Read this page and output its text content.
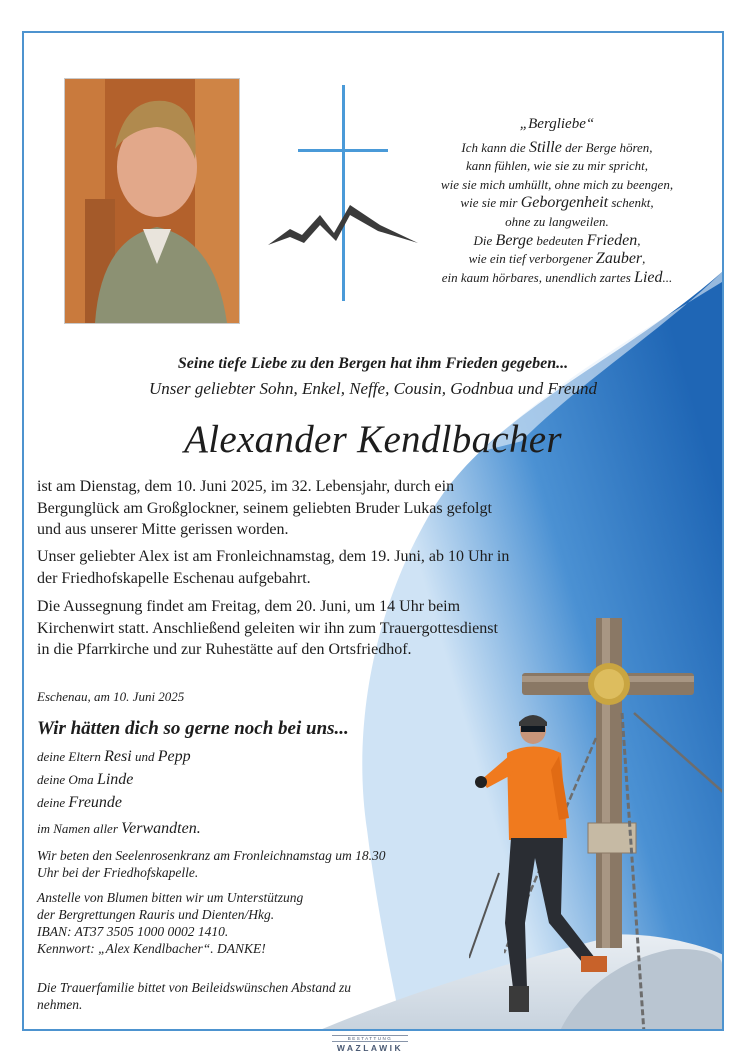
„Bergliebe“
Ich kann die Stille der Berge hören,
kann fühlen, wie sie zu mir spricht,
wie sie mich umhüllt, ohne mich zu beengen,
wie sie mir Geborgenheit schenkt,
ohne zu langweilen.
Die Berge bedeuten Frieden,
wie ein tief verborgener Zauber,
ein kaum hörbares, unendlich zartes Lied...
Seine tiefe Liebe zu den Bergen hat ihm Frieden gegeben...
Unser geliebter Sohn, Enkel, Neffe, Cousin, Godnbua und Freund
Alexander Kendlbacher
ist am Dienstag, dem 10. Juni 2025, im 32. Lebensjahr, durch ein Bergunglück am Großglockner, seinem geliebten Bruder Lukas gefolgt und aus unserer Mitte gerissen worden.
Unser geliebter Alex ist am Fronleichnamstag, dem 19. Juni, ab 10 Uhr in der Friedhofskapelle Eschenau aufgebahrt.
Die Aussegnung findet am Freitag, dem 20. Juni, um 14 Uhr beim Kirchenwirt statt. Anschließend geleiten wir ihn zum Trauergottesdienst in die Pfarrkirche und zur Ruhestätte auf den Ortsfriedhof.
Eschenau, am 10. Juni 2025
Wir hätten dich so gerne noch bei uns...
deine Eltern Resi und Pepp
deine Oma Linde
deine Freunde
im Namen aller Verwandten.
Wir beten den Seelenrosenkranz am Fronleichnamstag um 18.30 Uhr bei der Friedhofskapelle.
Anstelle von Blumen bitten wir um Unterstützung
der Bergrettungen Rauris und Dienten/Hkg.
IBAN: AT37 3505 1000 0002 1410.
Kennwort: „Alex Kendlbacher“. DANKE!
Die Trauerfamilie bittet von Beileidswünschen Abstand zu nehmen.
BESTATTUNG
WAZLAWIK
